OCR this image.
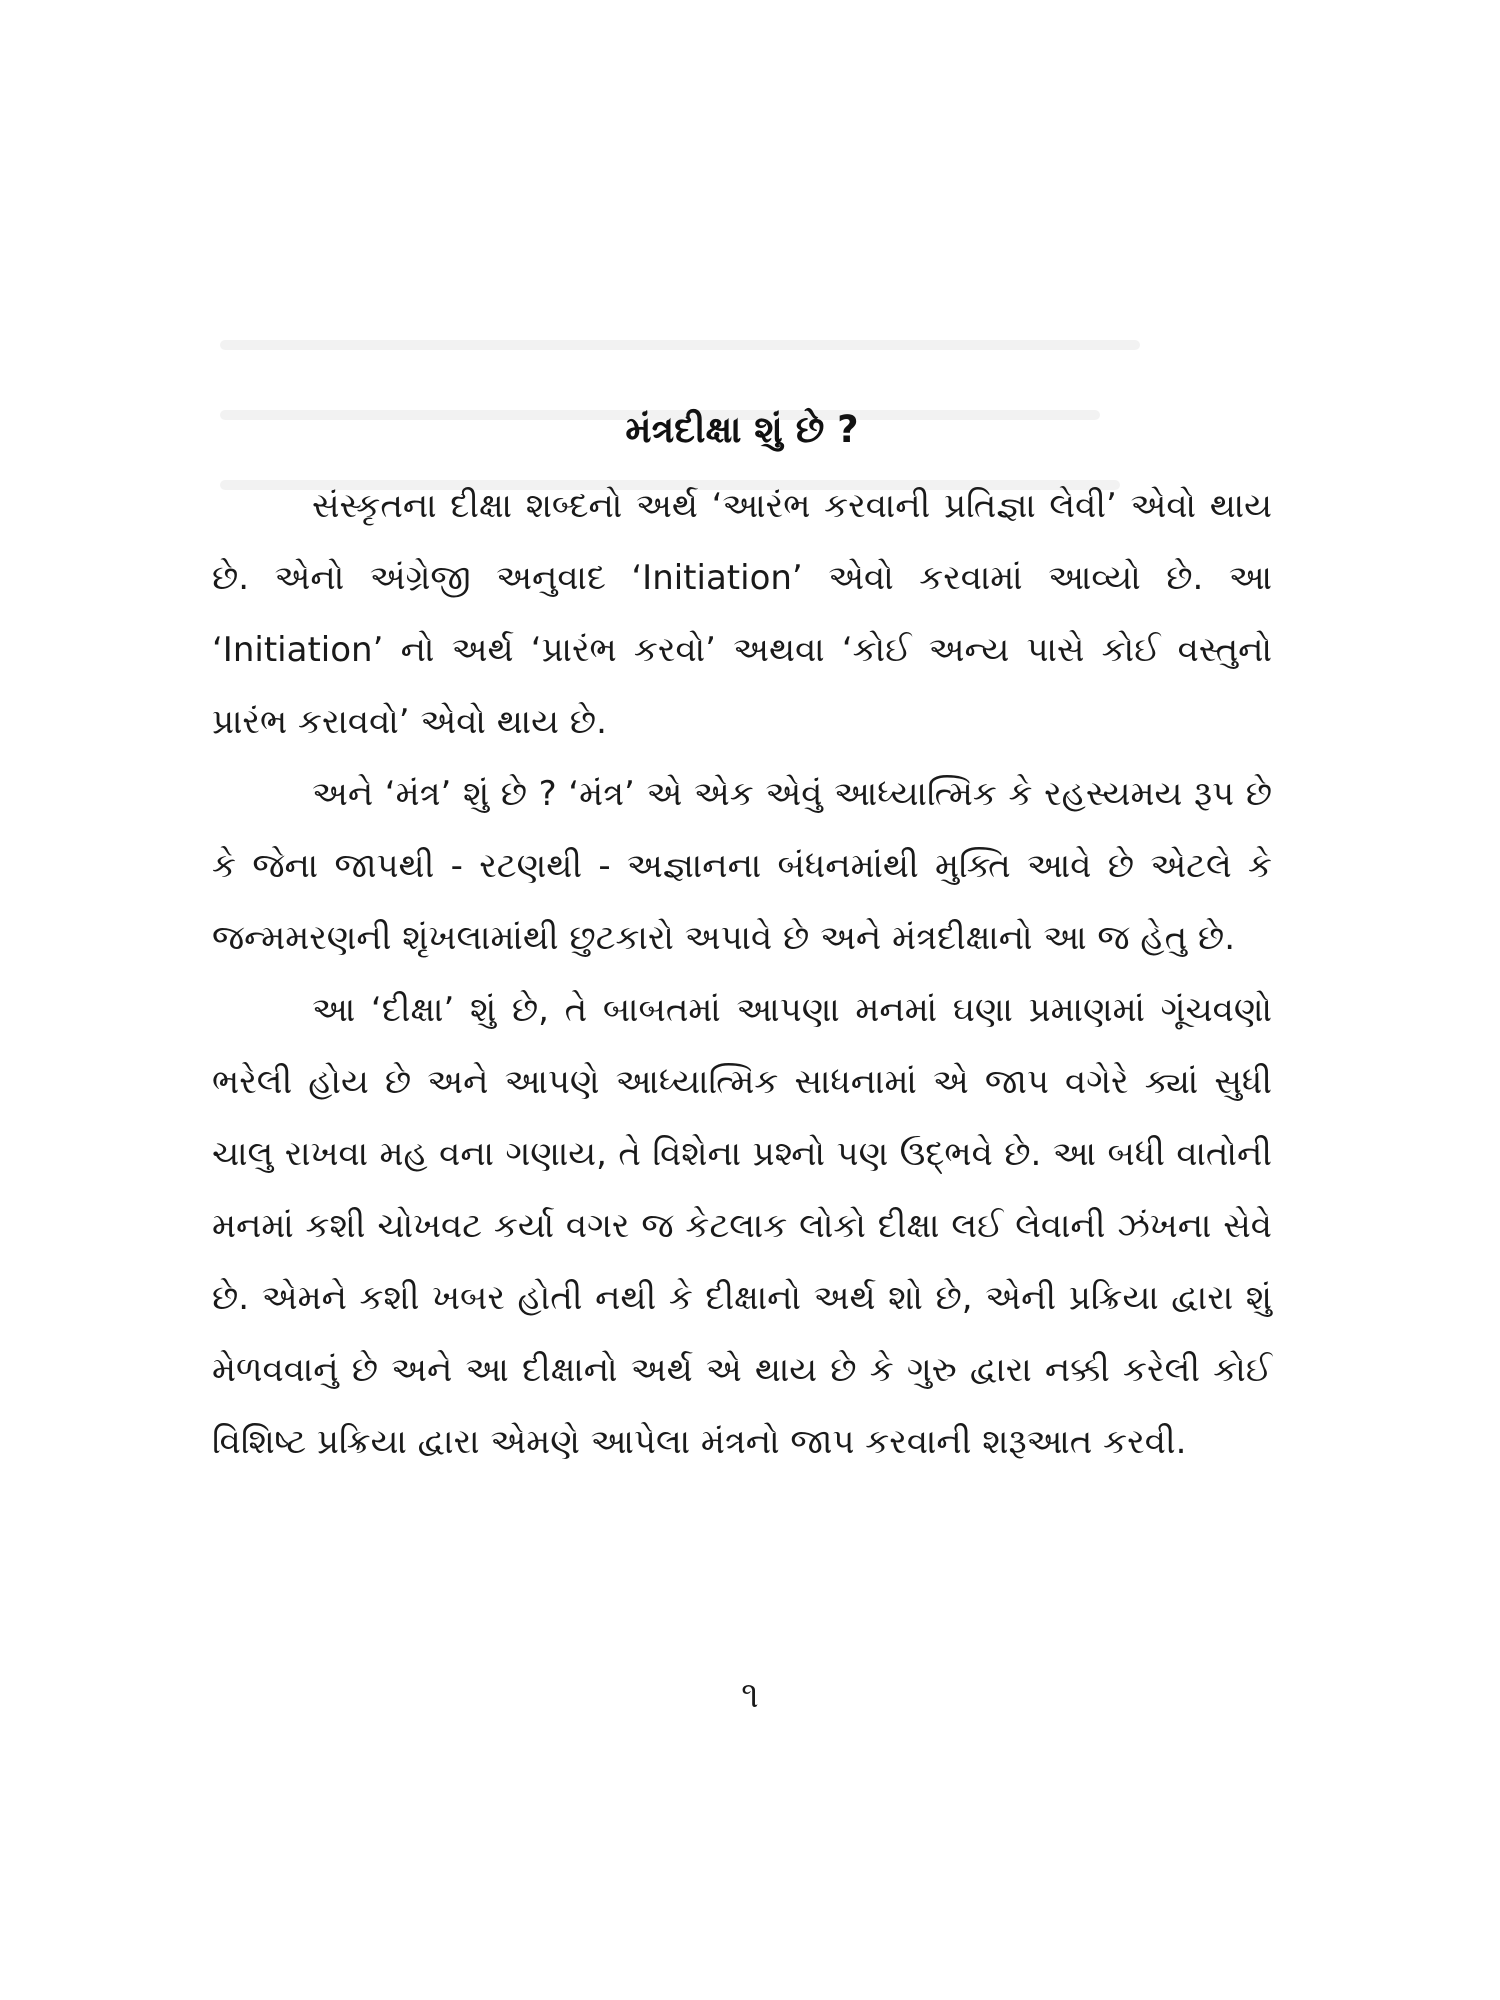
મંત્રદીક્ષા શું છે ?

સંસ્કૃતના દીક્ષા શબ્દનો અર્થ ‘આરંભ કરવાની પ્રતિજ્ઞા લેવી’ એવો થાય છે. એનો અંગ્રેજી અનુવાદ ‘Initiation’ એવો કરવામાં આવ્યો છે. આ ‘Initiation’ નો અર્થ ‘પ્રારંભ કરવો’ અથવા ‘કોઈ અન્ય પાસે કોઈ વસ્તુનો પ્રારંભ કરાવવો’ એવો થાય છે.

અને ‘મંત્ર’ શું છે ? ‘મંત્ર’ એ એક એવું આધ્યાત્મિક કે રહસ્યમય રૂપ છે કે જેના જાપથી - રટણથી - અજ્ઞાનના બંધનમાંથી મુક્તિ આવે છે એટલે કે જન્મમરણની શૃંખલામાંથી છુટકારો અપાવે છે અને મંત્રદીક્ષાનો આ જ હેતુ છે.

આ ‘દીક્ષા’ શું છે, તે બાબતમાં આપણા મનમાં ઘણા પ્રમાણમાં ગૂંચવણો ભરેલી હોય છે અને આપણે આધ્યાત્મિક સાધનામાં એ જાપ વગેરે ક્યાં સુધી ચાલુ રાખવા મહ વના ગણાય, તે વિશેના પ્રશ્નો પણ ઉદ્ભવે છે. આ બધી વાતોની મનમાં કશી ચોખવટ કર્યા વગર જ કેટલાક લોકો દીક્ષા લઈ લેવાની ઝંખના સેવે છે. એમને કશી ખબર હોતી નથી કે દીક્ષાનો અર્થ શો છે, એની પ્રક્રિયા દ્વારા શું મેળવવાનું છે અને આ દીક્ષાનો અર્થ એ થાય છે કે ગુરુ દ્વારા નક્કી કરેલી કોઈ વિશિષ્ટ પ્રક્રિયા દ્વારા એમણે આપેલા મંત્રનો જાપ કરવાની શરૂઆત કરવી.

૧
